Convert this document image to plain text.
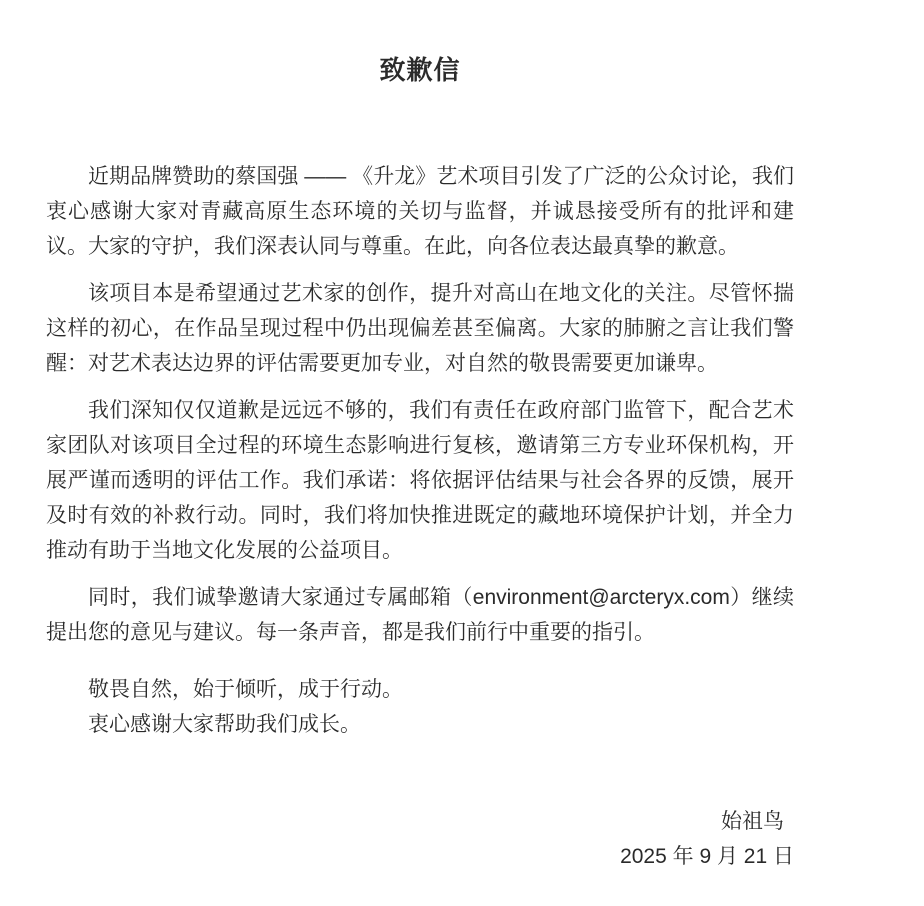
致歉信

近期品牌赞助的蔡国强 —— 《升龙》艺术项目引发了广泛的公众讨论，我们衷心感谢大家对青藏高原生态环境的关切与监督，并诚恳接受所有的批评和建议。大家的守护，我们深表认同与尊重。在此，向各位表达最真挚的歉意。

该项目本是希望通过艺术家的创作，提升对高山在地文化的关注。尽管怀揣这样的初心，在作品呈现过程中仍出现偏差甚至偏离。大家的肺腑之言让我们警醒：对艺术表达边界的评估需要更加专业，对自然的敬畏需要更加谦卑。

我们深知仅仅道歉是远远不够的，我们有责任在政府部门监管下，配合艺术家团队对该项目全过程的环境生态影响进行复核，邀请第三方专业环保机构，开展严谨而透明的评估工作。我们承诺：将依据评估结果与社会各界的反馈，展开及时有效的补救行动。同时，我们将加快推进既定的藏地环境保护计划，并全力推动有助于当地文化发展的公益项目。

同时，我们诚挚邀请大家通过专属邮箱（environment@arcteryx.com）继续提出您的意见与建议。每一条声音，都是我们前行中重要的指引。

敬畏自然，始于倾听，成于行动。

衷心感谢大家帮助我们成长。

始祖鸟

2025 年 9 月 21 日
